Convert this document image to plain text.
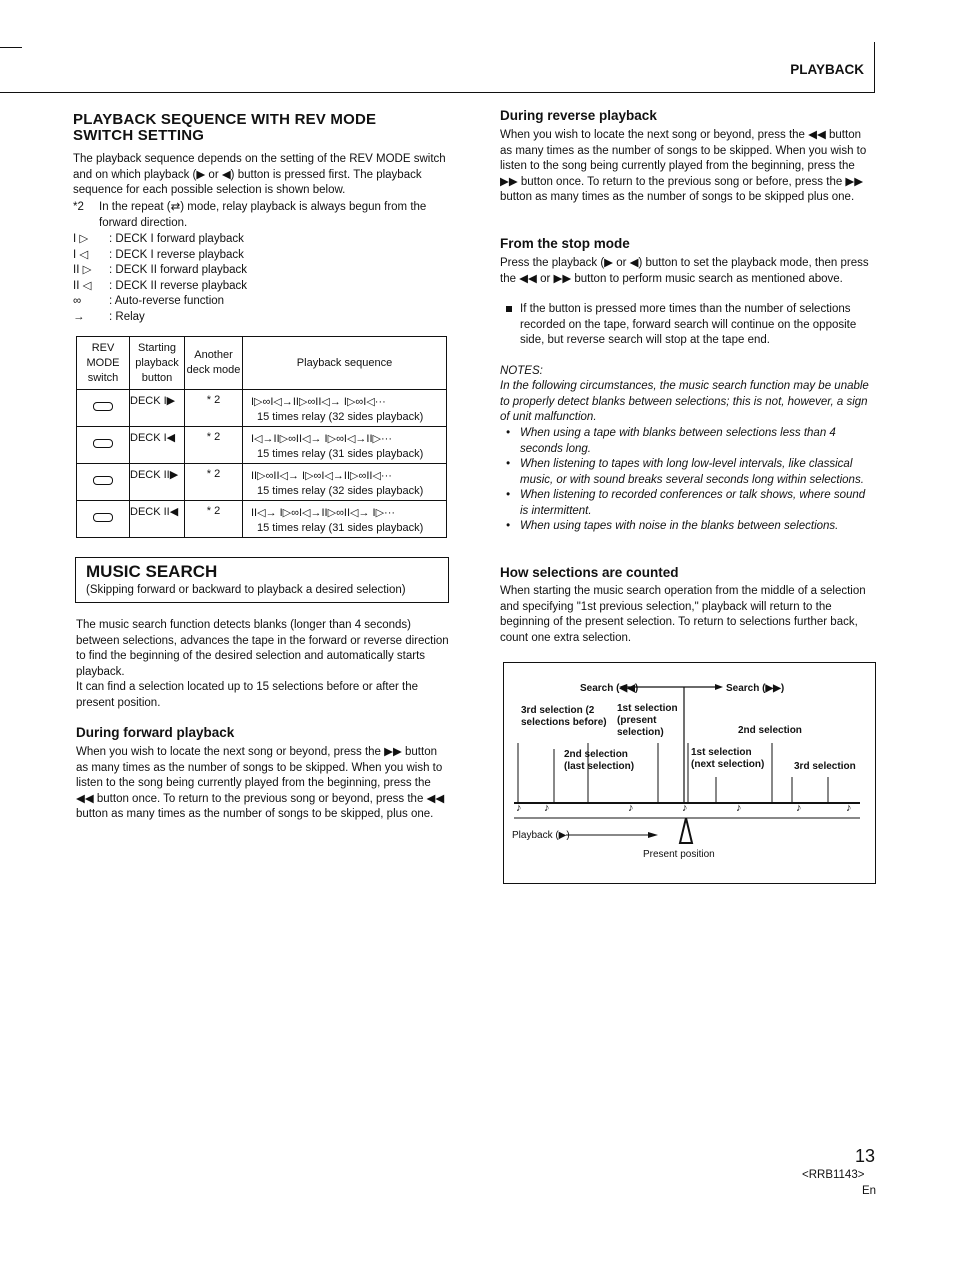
PLAYBACK
PLAYBACK SEQUENCE WITH REV MODE SWITCH SETTING
The playback sequence depends on the setting of the REV MODE switch and on which playback (▶ or ◀) button is pressed first. The playback sequence for each possible selection is shown below.
*2	In the repeat (⇄) mode, relay playback is always begun from the forward direction.
I ▷	: DECK I forward playback
I ◁	: DECK I reverse playback
II ▷	: DECK II forward playback
II ◁	: DECK II reverse playback
∞	: Auto-reverse function
→	: Relay
REV MODE switch	Starting playback button	Another deck mode	Playback sequence
	DECK I▶	* 2	I▷∞I◁→II▷∞II◁→ I▷∞I◁···
15 times relay (32 sides playback)

	DECK I◀	* 2	I◁→II▷∞II◁→ I▷∞I◁→II▷···
15 times relay (31 sides playback)

	DECK II▶	* 2	II▷∞II◁→ I▷∞I◁→II▷∞II◁···
15 times relay (32 sides playback)

	DECK II◀	* 2	II◁→ I▷∞I◁→II▷∞II◁→ I▷···
15 times relay (31 sides playback)
MUSIC SEARCH
(Skipping forward or backward to playback a desired selection)
The music search function detects blanks (longer than 4 seconds) between selections, advances the tape in the forward or reverse direction to find the beginning of the desired selection and automatically starts playback.
It can find a selection located up to 15 selections before or after the present position.
During forward playback
When you wish to locate the next song or beyond, press the ▶▶ button as many times as the number of songs to be skipped. When you wish to listen to the song being currently played from the beginning, press the ◀◀ button once. To return to the previous song or beyond, press the ◀◀ button as many times as the number of songs to be skipped, plus one.
During reverse playback
When you wish to locate the next song or beyond, press the ◀◀ button as many times as the number of songs to be skipped. When you wish to listen to the song being currently played from the beginning, press the ▶▶ button once. To return to the previous song or before, press the ▶▶ button as many times as the number of songs to be skipped plus one.
From the stop mode
Press the playback (▶ or ◀) button to set the playback mode, then press the ◀◀ or ▶▶ button to perform music search as mentioned above.
If the button is pressed more times than the number of selections recorded on the tape, forward search will continue on the opposite side, but reverse search will stop at the tape end.
NOTES:
In the following circumstances, the music search function may be unable to properly detect blanks between selections; this is not, however, a sign of unit malfunction.
• When using a tape with blanks between selections less than 4 seconds long.
• When listening to tapes with long low-level intervals, like classical music, or with sound breaks several seconds long within selections.
• When listening to recorded conferences or talk shows, where sound is intermittent.
• When using tapes with noise in the blanks between selections.
How selections are counted
When starting the music search operation from the middle of a selection and specifying "1st previous selection," playback will return to the beginning of the present selection. To return to selections further back, count one extra selection.
Search (◀◀)	Search (▶▶)
3rd selection (2 selections before)
1st selection (present selection)	2nd selection
2nd selection (last selection)
1st selection (next selection)	3rd selection
Playback (▶)
Present position
♪ ♪	♪	♪	♪	♪	♪
13
<RRB1143>
En
